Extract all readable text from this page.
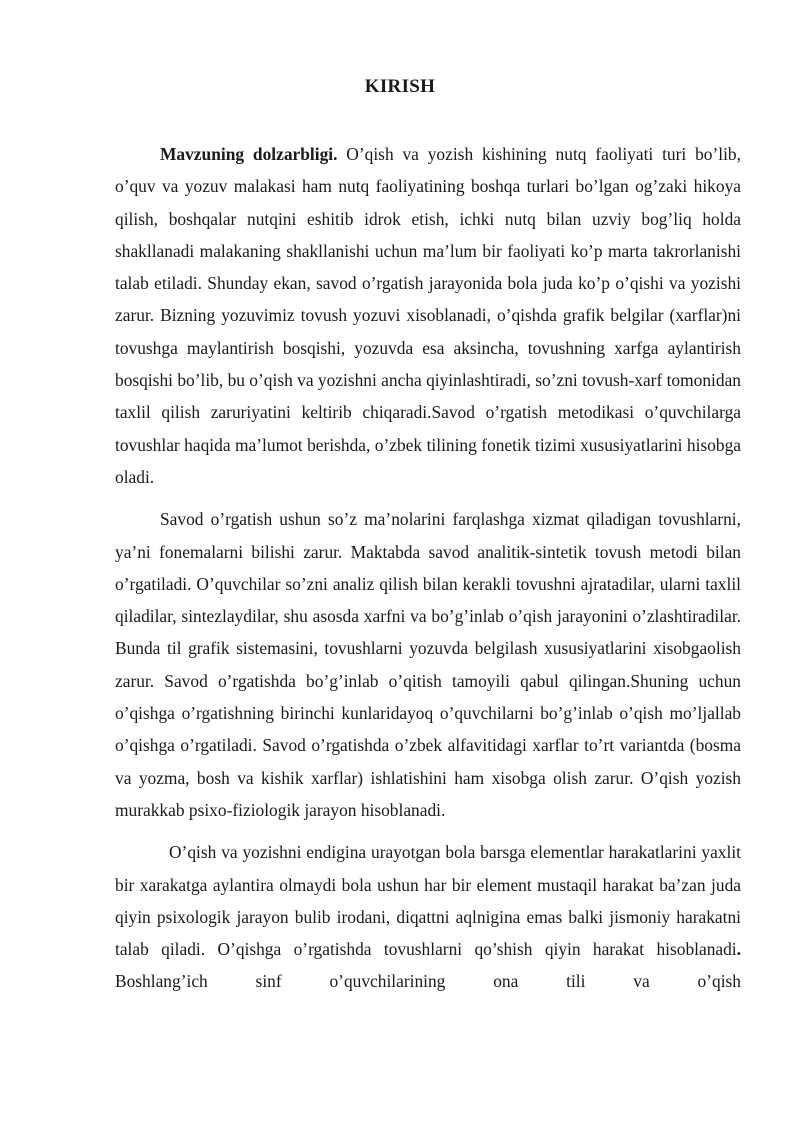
KIRISH

Mavzuning dolzarbligi. O’qish va yozish kishining nutq faoliyati turi bo’lib, o’quv va yozuv malakasi ham nutq faoliyatining boshqa turlari bo’lgan og’zaki hikoya qilish, boshqalar nutqini eshitib idrok etish, ichki nutq bilan uzviy bog’liq holda shakllanadi malakaning shakllanishi uchun ma’lum bir faoliyati ko’p marta takrorlanishi talab etiladi. Shunday ekan, savod o’rgatish jarayonida bola juda ko’p o’qishi va yozishi zarur. Bizning yozuvimiz tovush yozuvi xisoblanadi, o’qishda grafik belgilar (xarflar)ni tovushga maylantirish bosqishi, yozuvda esa aksincha, tovushning xarfga aylantirish bosqishi bo’lib, bu o’qish va yozishni ancha qiyinlashtiradi, so’zni tovush-xarf tomonidan taxlil qilish zaruriyatini keltirib chiqaradi.Savod o’rgatish metodikasi o’quvchilarga tovushlar haqida ma’lumot berishda, o’zbek tilining fonetik tizimi xususiyatlarini hisobga oladi.

Savod o’rgatish ushun so’z ma’nolarini farqlashga xizmat qiladigan tovushlarni, ya’ni fonemalarni bilishi zarur. Maktabda savod analitik-sintetik tovush metodi bilan o’rgatiladi. O’quvchilar so’zni analiz qilish bilan kerakli tovushni ajratadilar, ularni taxlil qiladilar, sintezlaydilar, shu asosda xarfni va bo’g’inlab o’qish jarayonini o’zlashtiradilar. Bunda til grafik sistemasini, tovushlarni yozuvda belgilash xususiyatlarini xisobgaolish zarur. Savod o’rgatishda bo’g’inlab o’qitish tamoyili qabul qilingan.Shuning uchun o’qishga o’rgatishning birinchi kunlaridayoq o’quvchilarni bo’g’inlab o’qish mo’ljallab o’qishga o’rgatiladi. Savod o’rgatishda o’zbek alfavitidagi xarflar to’rt variantda (bosma va yozma, bosh va kishik xarflar) ishlatishini ham xisobga olish zarur. O’qish yozish murakkab psixo-fiziologik jarayon hisoblanadi.

O’qish va yozishni endigina urayotgan bola barsga elementlar harakatlarini yaxlit bir xarakatga aylantira olmaydi bola ushun har bir element mustaqil harakat ba’zan juda qiyin psixologik jarayon bulib irodani, diqattni aqlnigina emas balki jismoniy harakatni talab qiladi. O’qishga o’rgatishda tovushlarni qo’shish qiyin harakat hisoblanadi. Boshlang’ich sinf o’quvchilarining ona tili va o’qish
